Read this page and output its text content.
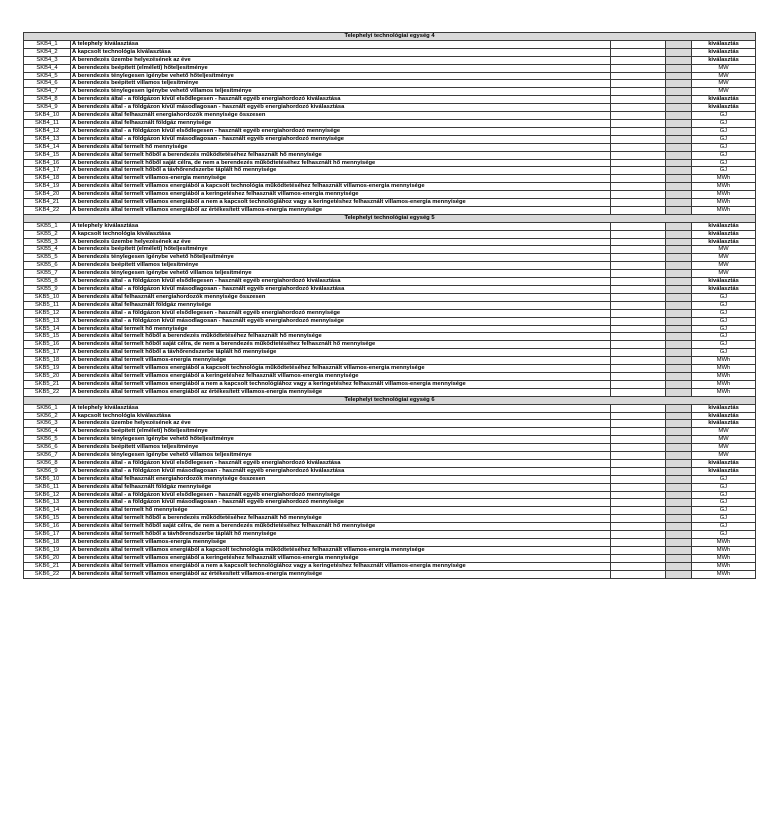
Telephelyi technológiai egység 4				
SKB4_1	A telephely kiválasztása			kiválasztás
SKB4_2	A kapcsolt technológia kiválasztása			kiválasztás
SKB4_3	A berendezés üzembe helyezésének az éve			kiválasztás
SKB4_4	A berendezés beépített (elméleti) hőteljesítménye			MW
SKB4_5	A berendezés ténylegesen igénybe vehető hőteljesítménye			MW
SKB4_6	A berendezés beépített villamos teljesítménye			MW
SKB4_7	A berendezés ténylegesen igénybe vehető villamos teljesítménye			MW
SKB4_8	A berendezés által - a földgázon kívül elsődlegesen - használt egyéb energiahordozó kiválasztása			kiválasztás
SKB4_9	A berendezés által - a földgázon kívül másodlagosan - használt egyéb energiahordozó kiválasztása			kiválasztás
SKB4_10	A berendezés által felhasznált energiahordozók mennyisége összesen			GJ
SKB4_11	A berendezés által felhasznált földgáz mennyisége			GJ
SKB4_12	A berendezés által - a földgázon kívül elsődlegesen - használt egyéb energiahordozó mennyisége			GJ
SKB4_13	A berendezés által - a földgázon kívül másodlagosan - használt egyéb energiahordozó mennyisége			GJ
SKB4_14	A berendezés által termelt hő mennyisége			GJ
SKB4_15	A berendezés által termelt hőből a berendezés működtetéséhez felhasznált hő mennyisége			GJ
SKB4_16	A berendezés által termelt hőből saját célra, de nem a berendezés működtetéséhez felhasznált hő mennyisége			GJ
SKB4_17	A berendezés által termelt hőből a távhőrendszerbe táplált hő mennyisége			GJ
SKB4_18	A berendezés által termelt villamos-energia mennyisége			MWh
SKB4_19	A berendezés által termelt villamos energiából a kapcsolt technológia működtetéséhez felhasznált villamos-energia mennyisége			MWh
SKB4_20	A berendezés által termelt villamos energiából a keringetéshez felhasznált villamos-energia mennyisége			MWh
SKB4_21	A berendezés által termelt villamos energiából a nem a kapcsolt technológiához vagy a keringetéshez felhasznált villamos-energia mennyisége			MWh
SKB4_22	A berendezés által termelt villamos energiából az értékesített villamos-energia mennyisége			MWh
Telephelyi technológiai egység 5				
SKB5_1	A telephely kiválasztása			kiválasztás
SKB5_2	A kapcsolt technológia kiválasztása			kiválasztás
SKB5_3	A berendezés üzembe helyezésének az éve			kiválasztás
SKB5_4	A berendezés beépített (elméleti) hőteljesítménye			MW
SKB5_5	A berendezés ténylegesen igénybe vehető hőteljesítménye			MW
SKB5_6	A berendezés beépített villamos teljesítménye			MW
SKB5_7	A berendezés ténylegesen igénybe vehető villamos teljesítménye			MW
SKB5_8	A berendezés által - a földgázon kívül elsődlegesen - használt egyéb energiahordozó kiválasztása			kiválasztás
SKB5_9	A berendezés által - a földgázon kívül másodlagosan - használt egyéb energiahordozó kiválasztása			kiválasztás
SKB5_10	A berendezés által felhasznált energiahordozók mennyisége összesen			GJ
SKB5_11	A berendezés által felhasznált földgáz mennyisége			GJ
SKB5_12	A berendezés által - a földgázon kívül elsődlegesen - használt egyéb energiahordozó mennyisége			GJ
SKB5_13	A berendezés által - a földgázon kívül másodlagosan - használt egyéb energiahordozó mennyisége			GJ
SKB5_14	A berendezés által termelt hő mennyisége			GJ
SKB5_15	A berendezés által termelt hőből a berendezés működtetéséhez felhasznált hő mennyisége			GJ
SKB5_16	A berendezés által termelt hőből saját célra, de nem a berendezés működtetéséhez felhasznált hő mennyisége			GJ
SKB5_17	A berendezés által termelt hőből a távhőrendszerbe táplált hő mennyisége			GJ
SKB5_18	A berendezés által termelt villamos-energia mennyisége			MWh
SKB5_19	A berendezés által termelt villamos energiából a kapcsolt technológia működtetéséhez felhasznált villamos-energia mennyisége			MWh
SKB5_20	A berendezés által termelt villamos energiából a keringetéshez felhasznált villamos-energia mennyisége			MWh
SKB5_21	A berendezés által termelt villamos energiából a nem a kapcsolt technológiához vagy a keringetéshez felhasznált villamos-energia mennyisége			MWh
SKB5_22	A berendezés által termelt villamos energiából az értékesített villamos-energia mennyisége			MWh
Telephelyi technológiai egység 6				
SKB6_1	A telephely kiválasztása			kiválasztás
SKB6_2	A kapcsolt technológia kiválasztása			kiválasztás
SKB6_3	A berendezés üzembe helyezésének az éve			kiválasztás
SKB6_4	A berendezés beépített (elméleti) hőteljesítménye			MW
SKB6_5	A berendezés ténylegesen igénybe vehető hőteljesítménye			MW
SKB6_6	A berendezés beépített villamos teljesítménye			MW
SKB6_7	A berendezés ténylegesen igénybe vehető villamos teljesítménye			MW
SKB6_8	A berendezés által - a földgázon kívül elsődlegesen - használt egyéb energiahordozó kiválasztása			kiválasztás
SKB6_9	A berendezés által - a földgázon kívül másodlagosan - használt egyéb energiahordozó kiválasztása			kiválasztás
SKB6_10	A berendezés által felhasznált energiahordozók mennyisége összesen			GJ
SKB6_11	A berendezés által felhasznált földgáz mennyisége			GJ
SKB6_12	A berendezés által - a földgázon kívül elsődlegesen - használt egyéb energiahordozó mennyisége			GJ
SKB6_13	A berendezés által - a földgázon kívül másodlagosan - használt egyéb energiahordozó mennyisége			GJ
SKB6_14	A berendezés által termelt hő mennyisége			GJ
SKB6_15	A berendezés által termelt hőből a berendezés működtetéséhez felhasznált hő mennyisége			GJ
SKB6_16	A berendezés által termelt hőből saját célra, de nem a berendezés működtetéséhez felhasznált hő mennyisége			GJ
SKB6_17	A berendezés által termelt hőből a távhőrendszerbe táplált hő mennyisége			GJ
SKB6_18	A berendezés által termelt villamos-energia mennyisége			MWh
SKB6_19	A berendezés által termelt villamos energiából a kapcsolt technológia működtetéséhez felhasznált villamos-energia mennyisége			MWh
SKB6_20	A berendezés által termelt villamos energiából a keringetéshez felhasznált villamos-energia mennyisége			MWh
SKB6_21	A berendezés által termelt villamos energiából a nem a kapcsolt technológiához vagy a keringetéshez felhasznált villamos-energia mennyisége			MWh
SKB6_22	A berendezés által termelt villamos energiából az értékesített villamos-energia mennyisége			MWh
